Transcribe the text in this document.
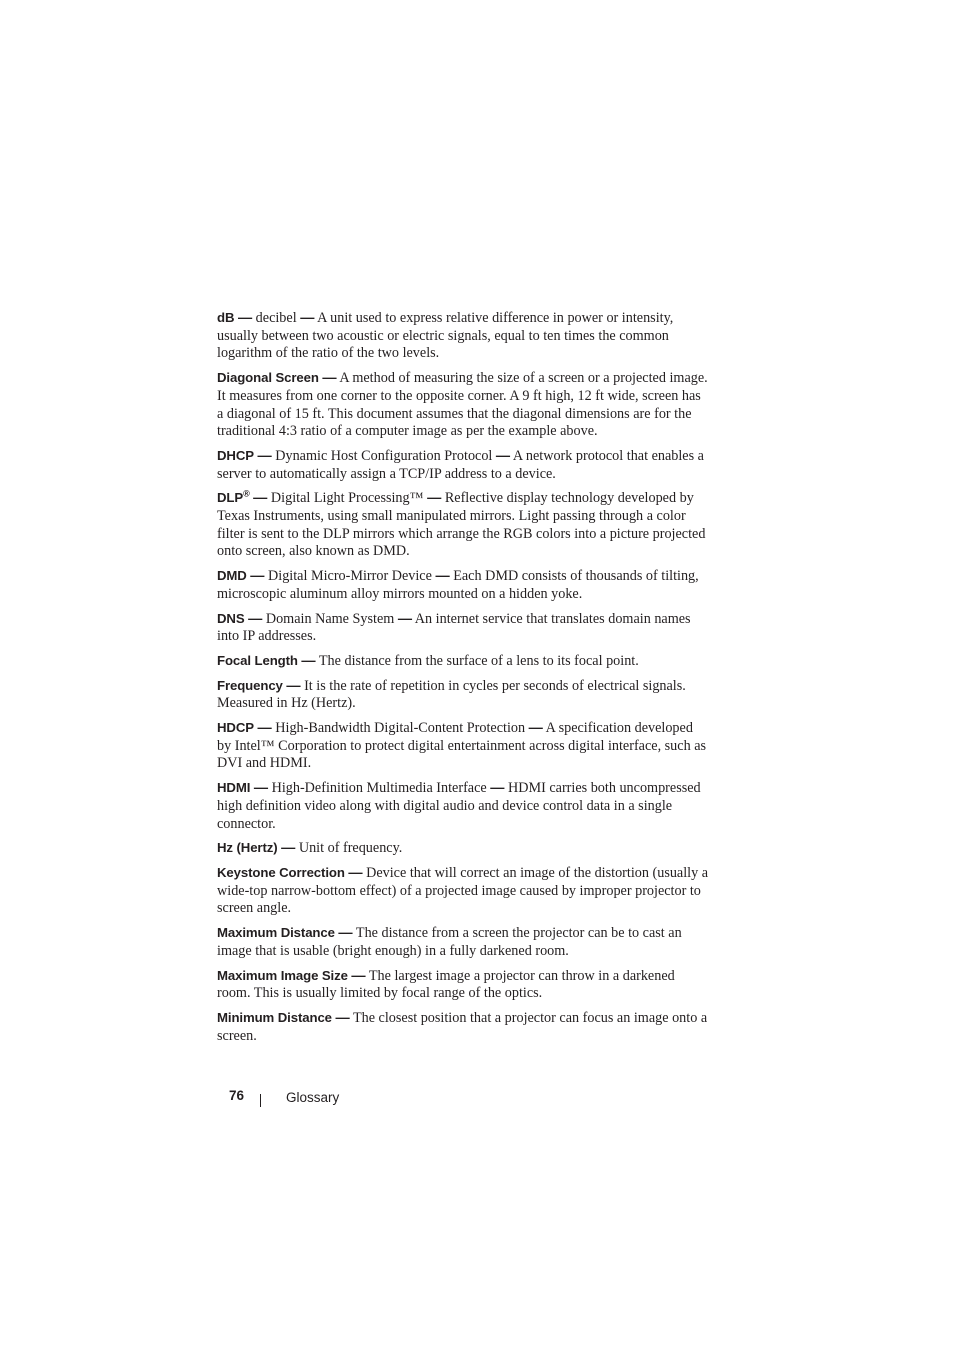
dB — decibel — A unit used to express relative difference in power or intensity, usually between two acoustic or electric signals, equal to ten times the common logarithm of the ratio of the two levels.

Diagonal Screen — A method of measuring the size of a screen or a projected image. It measures from one corner to the opposite corner. A 9 ft high, 12 ft wide, screen has a diagonal of 15 ft. This document assumes that the diagonal dimensions are for the traditional 4:3 ratio of a computer image as per the example above.

DHCP — Dynamic Host Configuration Protocol — A network protocol that enables a server to automatically assign a TCP/IP address to a device.

DLP® — Digital Light Processing™ — Reflective display technology developed by Texas Instruments, using small manipulated mirrors. Light passing through a color filter is sent to the DLP mirrors which arrange the RGB colors into a picture projected onto screen, also known as DMD.

DMD — Digital Micro-Mirror Device — Each DMD consists of thousands of tilting, microscopic aluminum alloy mirrors mounted on a hidden yoke.

DNS — Domain Name System — An internet service that translates domain names into IP addresses.

Focal Length — The distance from the surface of a lens to its focal point.

Frequency — It is the rate of repetition in cycles per seconds of electrical signals. Measured in Hz (Hertz).

HDCP — High-Bandwidth Digital-Content Protection — A specification developed by Intel™ Corporation to protect digital entertainment across digital interface, such as DVI and HDMI.

HDMI — High-Definition Multimedia Interface — HDMI carries both uncompressed high definition video along with digital audio and device control data in a single connector.

Hz (Hertz) — Unit of frequency.

Keystone Correction — Device that will correct an image of the distortion (usually a wide-top narrow-bottom effect) of a projected image caused by improper projector to screen angle.

Maximum Distance — The distance from a screen the projector can be to cast an image that is usable (bright enough) in a fully darkened room.

Maximum Image Size — The largest image a projector can throw in a darkened room. This is usually limited by focal range of the optics.

Minimum Distance — The closest position that a projector can focus an image onto a screen.

76	Glossary
